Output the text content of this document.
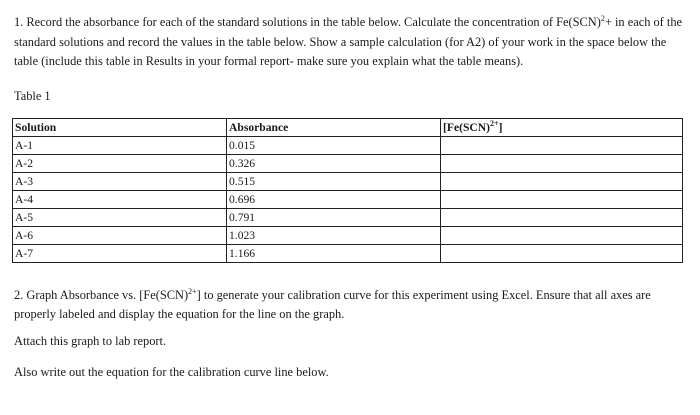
1. Record the absorbance for each of the standard solutions in the table below. Calculate the concentration of Fe(SCN)$^2$+ in each of the standard solutions and record the values in the table below. Show a sample calculation (for A2) of your work in the space below the table (include this table in Results in your formal report- make sure you explain what the table means).

Table 1
Solution	Absorbance	[Fe(SCN)$^{2+}$]
A-1	0.015	
A-2	0.326	
A-3	0.515	
A-4	0.696	
A-5	0.791	
A-6	1.023	
A-7	1.166	

2. Graph Absorbance vs. [Fe(SCN)$^{2+}$] to generate your calibration curve for this experiment using Excel. Ensure that all axes are properly labeled and display the equation for the line on the graph.

Attach this graph to lab report.
Also write out the equation for the calibration curve line below.
